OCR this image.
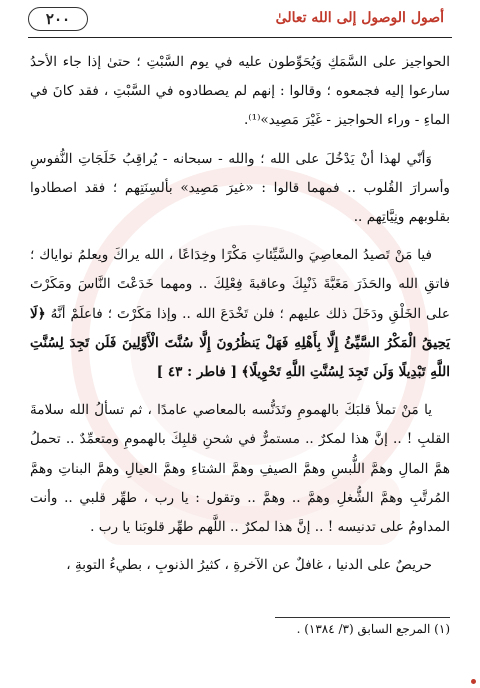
أصول الوصول إلى الله تعالىٰ
٢٠٠

الحواجيز على السَّمَكِ وَيُحَوِّطون عليه في يوم السَّبْتِ ؛ حتىٰ إذا جاء الأحدُ سارعوا إليه فجمعوه ؛ وقالوا : إنهم لم يصطادوه في السَّبْتِ ، فقد كانَ في الماءِ - وراء الحواجيز - غَيْرَ مَصِيد»⁽¹⁾.

وَأنّي لهذا أنْ يَدْخُلَ على الله ؛ والله - سبحانه - يُراقِبُ خَلَجَاتِ النُّفوسِ وأسرارَ القُلوب .. فمهما قالوا : «غيرَ مَصِيد» بألسِنَتِهم ؛ فقد اصطادوا بقلوبهم ونِيَّاتِهم ..

فيا مَنْ تَصيدُ المعاصِيَ والسَّيِّئاتِ مَكْرًا وخِدَاعًا ، الله يراكَ ويعلمُ نواياك ؛ فاتقِ الله والحَذَرَ مَغَبَّةَ ذَنْبِكَ وعاقبةَ فِعْلِكَ .. ومهما خَدَعْتَ النَّاسَ ومَكَرْتَ على الخَلْقِ ودَخَلَ ذلك عليهم ؛ فلن تَخْدَعَ الله .. وإذا مَكَرْتَ ؛ فاعلَمْ أنَّهُ ﴿لَا يَحِيقُ الْمَكْرُ السَّيِّئُ إِلَّا بِأَهْلِهِ فَهَلْ يَنظُرُونَ إِلَّا سُنَّتَ الْأَوَّلِينَ فَلَن تَجِدَ لِسُنَّتِ اللَّهِ تَبْدِيلًا وَلَن تَجِدَ لِسُنَّتِ اللَّهِ تَحْوِيلًا﴾ [ فاطر : ٤٣ ]

يا مَنْ تملأ قلبَكَ بالهمومِ وتَدَنُّسه بالمعاصي عامدًا ، ثم تسألُ الله سلامةَ القلبِ ! .. إنَّ هذا لمكرٌ .. مستمرٌّ في شحنِ قلبِكَ بالهمومِ ومتعمِّدٌ .. تحملُ همَّ المالِ وهمَّ اللُّبسِ وهمَّ الصيفِ وهمَّ الشتاءِ وهمَّ العيالِ وهمَّ البناتِ وهمَّ المُرتَّبِ وهمَّ الشُّغلِ وهمَّ .. وهمَّ .. وتقول : يا رب ، طهِّر قلبي .. وأنت المداومُ على تدنيسه ! .. إنَّ هذا لمكرٌ .. اللَّهم طهِّر قلوبَنا يا رب .

حريصٌ على الدنيا ، غافلٌ عن الآخرةِ ، كثيرُ الذنوبِ ، بطيءُ التوبةِ ،

(١) المرجع السابق (٣/ ١٣٨٤) .
